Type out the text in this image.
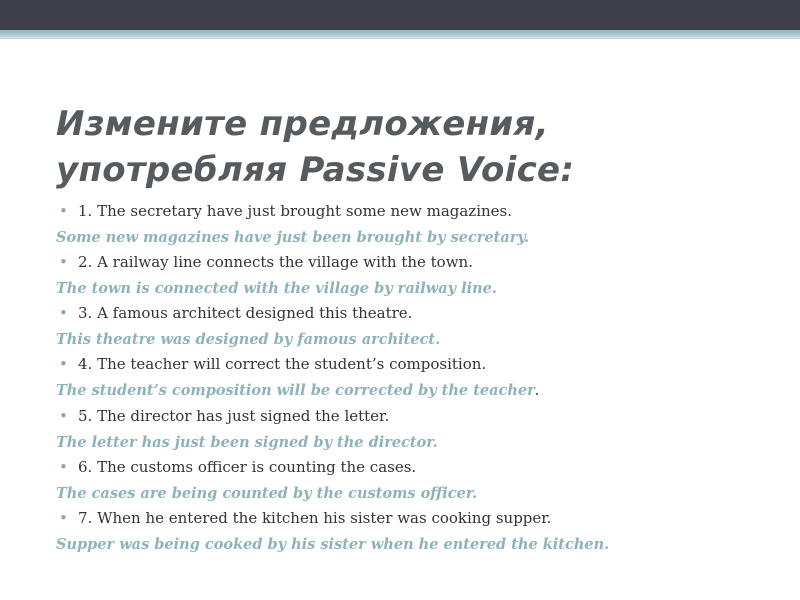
Измените предложения, употребляя Passive Voice:
• 1. The secretary have just brought some new magazines.
Some new magazines have just been brought by secretary.
• 2. A railway line connects the village with the town.
The town is connected with the village by railway line.
• 3. A famous architect designed this theatre.
This theatre was designed by famous architect.
• 4. The teacher will correct the student’s composition.
The student’s composition will be corrected by the teacher.
• 5. The director has just signed the letter.
The letter has just been signed by the director.
• 6. The customs officer is counting the cases.
The cases are being counted by the customs officer.
• 7. When he entered the kitchen his sister was cooking supper.
Supper was being cooked by his sister when he entered the kitchen.
